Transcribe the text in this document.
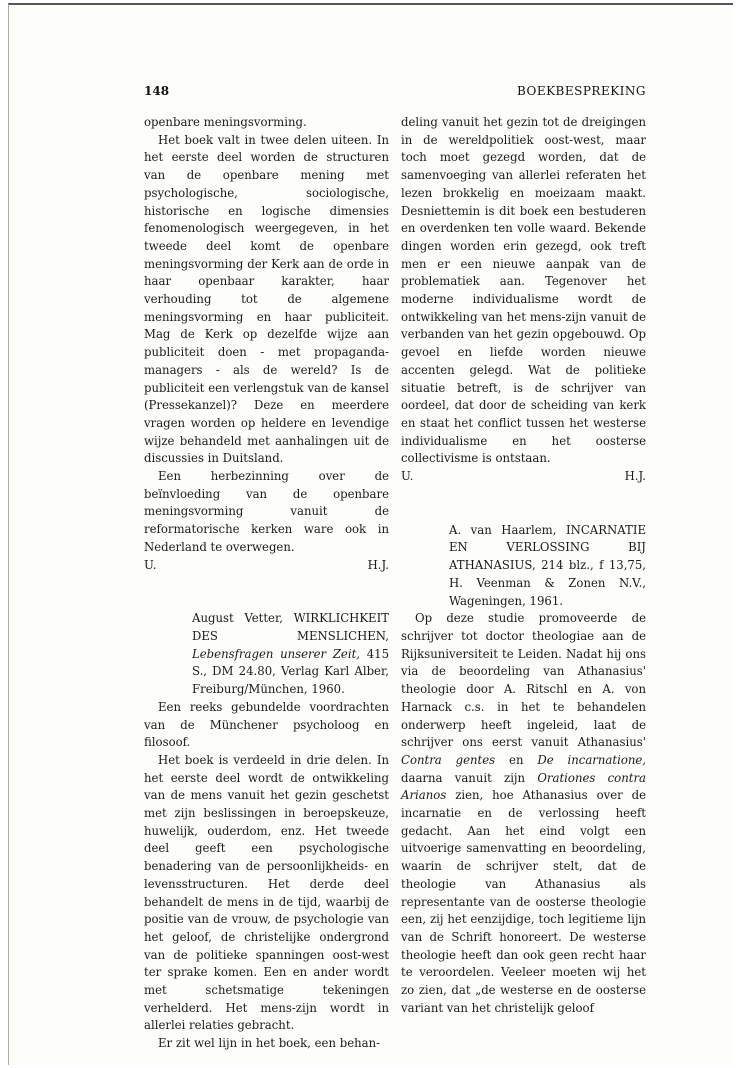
148	BOEKBESPREKING

openbare meningsvorming.

Het boek valt in twee delen uiteen. In het eerste deel worden de structuren van de openbare mening met psychologische, sociologische, historische en logische dimensies fenomenologisch weergegeven, in het tweede deel komt de openbare meningsvorming der Kerk aan de orde in haar openbaar karakter, haar verhouding tot de algemene meningsvorming en haar publiciteit. Mag de Kerk op dezelfde wijze aan publiciteit doen - met propaganda-managers - als de wereld? Is de publiciteit een verlengstuk van de kansel (Pressekanzel)? Deze en meerdere vragen worden op heldere en levendige wijze behandeld met aanhalingen uit de discussies in Duitsland.

Een herbezinning over de beïnvloeding van de openbare meningsvorming vanuit de reformatorische kerken ware ook in Nederland te overwegen.

U.	H.J.

August Vetter, WIRKLICHKEIT DES MENSLICHEN, Lebensfragen unserer Zeit, 415 S., DM 24.80, Verlag Karl Alber, Freiburg/München, 1960.

Een reeks gebundelde voordrachten van de Münchener psycholoog en filosoof.

Het boek is verdeeld in drie delen. In het eerste deel wordt de ontwikkeling van de mens vanuit het gezin geschetst met zijn beslissingen in beroepskeuze, huwelijk, ouderdom, enz. Het tweede deel geeft een psychologische benadering van de persoonlijkheids- en levensstructuren. Het derde deel behandelt de mens in de tijd, waarbij de positie van de vrouw, de psychologie van het geloof, de christelijke ondergrond van de politieke spanningen oost-west ter sprake komen. Een en ander wordt met schetsmatige tekeningen verhelderd. Het mens-zijn wordt in allerlei relaties gebracht.

Er zit wel lijn in het boek, een behan-

deling vanuit het gezin tot de dreigingen in de wereldpolitiek oost-west, maar toch moet gezegd worden, dat de samenvoeging van allerlei referaten het lezen brokkelig en moeizaam maakt. Desniettemin is dit boek een bestuderen en overdenken ten volle waard. Bekende dingen worden erin gezegd, ook treft men er een nieuwe aanpak van de problematiek aan. Tegenover het moderne individualisme wordt de ontwikkeling van het mens-zijn vanuit de verbanden van het gezin opgebouwd. Op gevoel en liefde worden nieuwe accenten gelegd. Wat de politieke situatie betreft, is de schrijver van oordeel, dat door de scheiding van kerk en staat het conflict tussen het westerse individualisme en het oosterse collectivisme is ontstaan.

U.	H.J.

A. van Haarlem, INCARNATIE EN VERLOSSING BIJ ATHANASIUS, 214 blz., f 13,75, H. Veenman & Zonen N.V., Wageningen, 1961.

Op deze studie promoveerde de schrijver tot doctor theologiae aan de Rijksuniversiteit te Leiden. Nadat hij ons via de beoordeling van Athanasius' theologie door A. Ritschl en A. von Harnack c.s. in het te behandelen onderwerp heeft ingeleid, laat de schrijver ons eerst vanuit Athanasius' Contra gentes en De incarnatione, daarna vanuit zijn Orationes contra Arianos zien, hoe Athanasius over de incarnatie en de verlossing heeft gedacht. Aan het eind volgt een uitvoerige samenvatting en beoordeling, waarin de schrijver stelt, dat de theologie van Athanasius als representante van de oosterse theologie een, zij het eenzijdige, toch legitieme lijn van de Schrift honoreert. De westerse theologie heeft dan ook geen recht haar te veroordelen. Veeleer moeten wij het zo zien, dat „de westerse en de oosterse variant van het christelijk geloof
